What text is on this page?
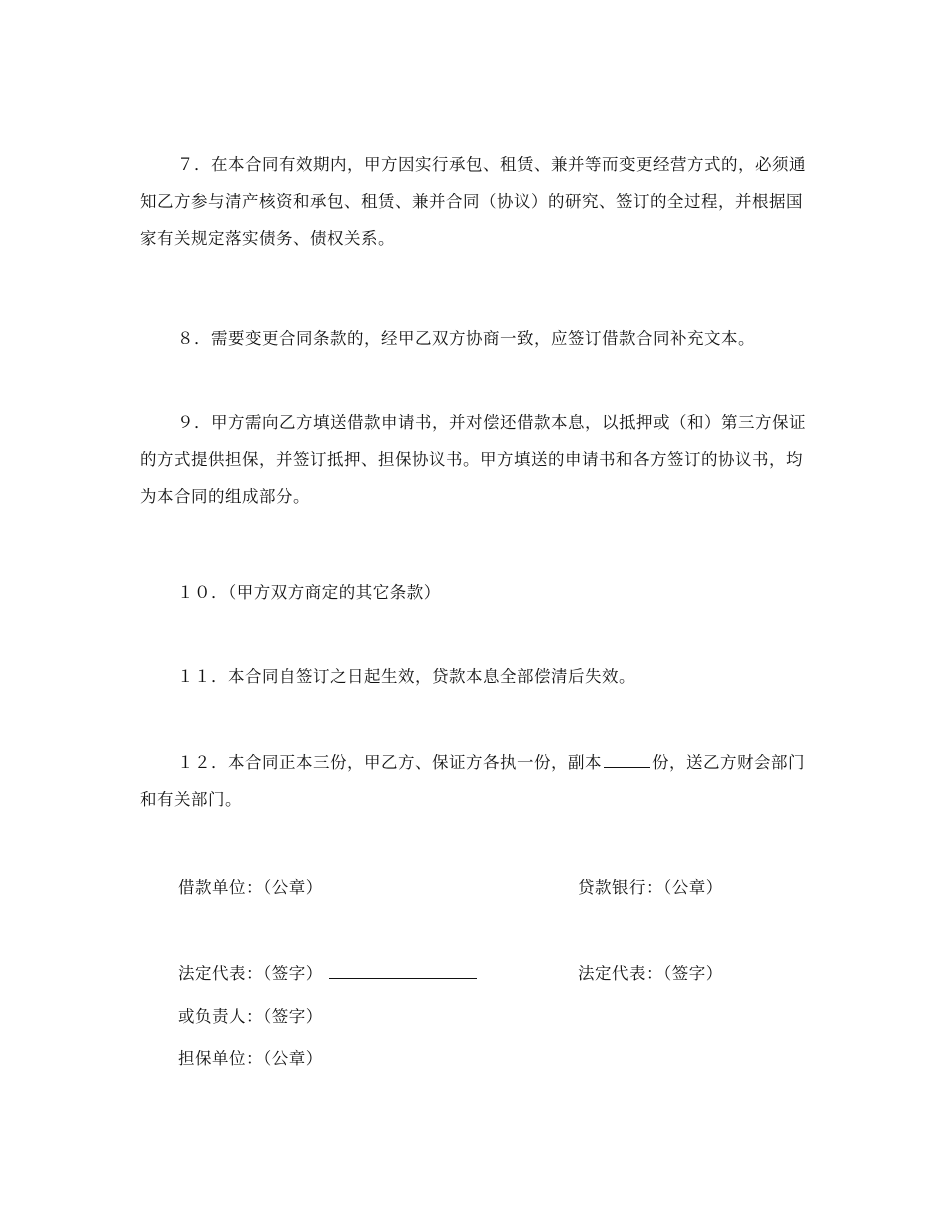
７．在本合同有效期内，甲方因实行承包、租赁、兼并等而变更经营方式的，必须通知乙方参与清产核资和承包、租赁、兼并合同（协议）的研究、签订的全过程，并根据国家有关规定落实债务、债权关系。

８．需要变更合同条款的，经甲乙双方协商一致，应签订借款合同补充文本。

９．甲方需向乙方填送借款申请书，并对偿还借款本息，以抵押或（和）第三方保证的方式提供担保，并签订抵押、担保协议书。甲方填送的申请书和各方签订的协议书，均为本合同的组成部分。

１０．（甲方双方商定的其它条款）

１１．本合同自签订之日起生效，贷款本息全部偿清后失效。

１２．本合同正本三份，甲乙方、保证方各执一份，副本	份，送乙方财会部门和有关部门。

借款单位：（公章）	贷款银行：（公章）
法定代表：（签字）	法定代表：（签字）
或负责人：（签字）
担保单位：（公章）
